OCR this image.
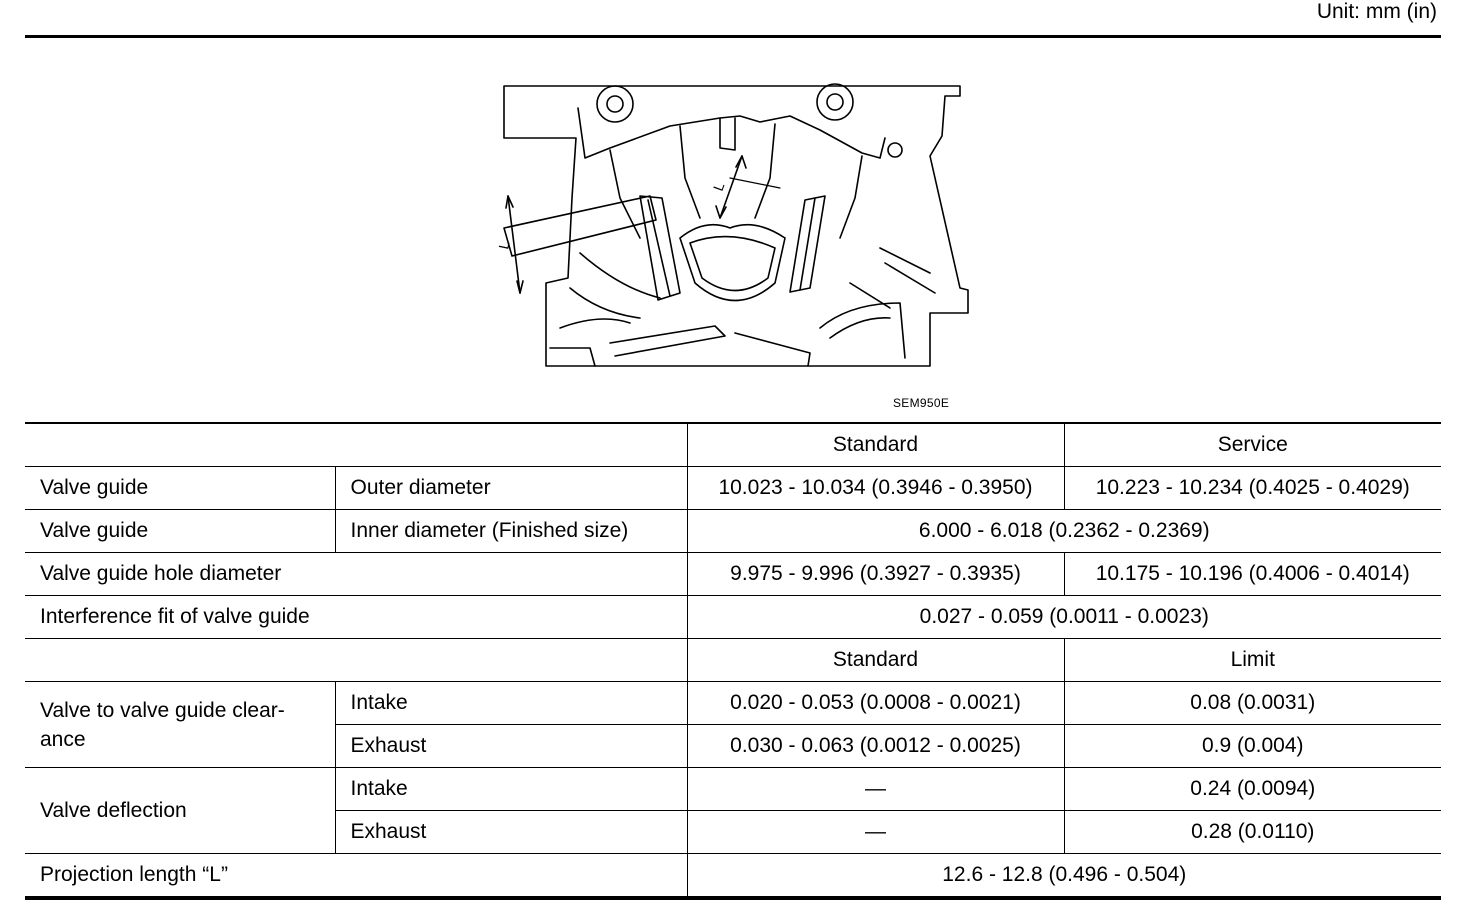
Unit: mm (in)
L
L
SEM950E
		Standard	Service
Valve guide	Outer diameter	10.023 - 10.034 (0.3946 - 0.3950)	10.223 - 10.234 (0.4025 - 0.4029)
Valve guide	Inner diameter (Finished size)	6.000 - 6.018 (0.2362 - 0.2369)	
Valve guide hole diameter		9.975 - 9.996 (0.3927 - 0.3935)	10.175 - 10.196 (0.4006 - 0.4014)
Interference fit of valve guide		0.027 - 0.059 (0.0011 - 0.0023)	
		Standard	Limit
Valve to valve guide clear-
ance	Intake	0.020 - 0.053 (0.0008 - 0.0021)	0.08 (0.0031)
	Exhaust	0.030 - 0.063 (0.0012 - 0.0025)	0.9 (0.004)
Valve deflection	Intake	—	0.24 (0.0094)
	Exhaust	—	0.28 (0.0110)
Projection length “L”		12.6 - 12.8 (0.496 - 0.504)	
